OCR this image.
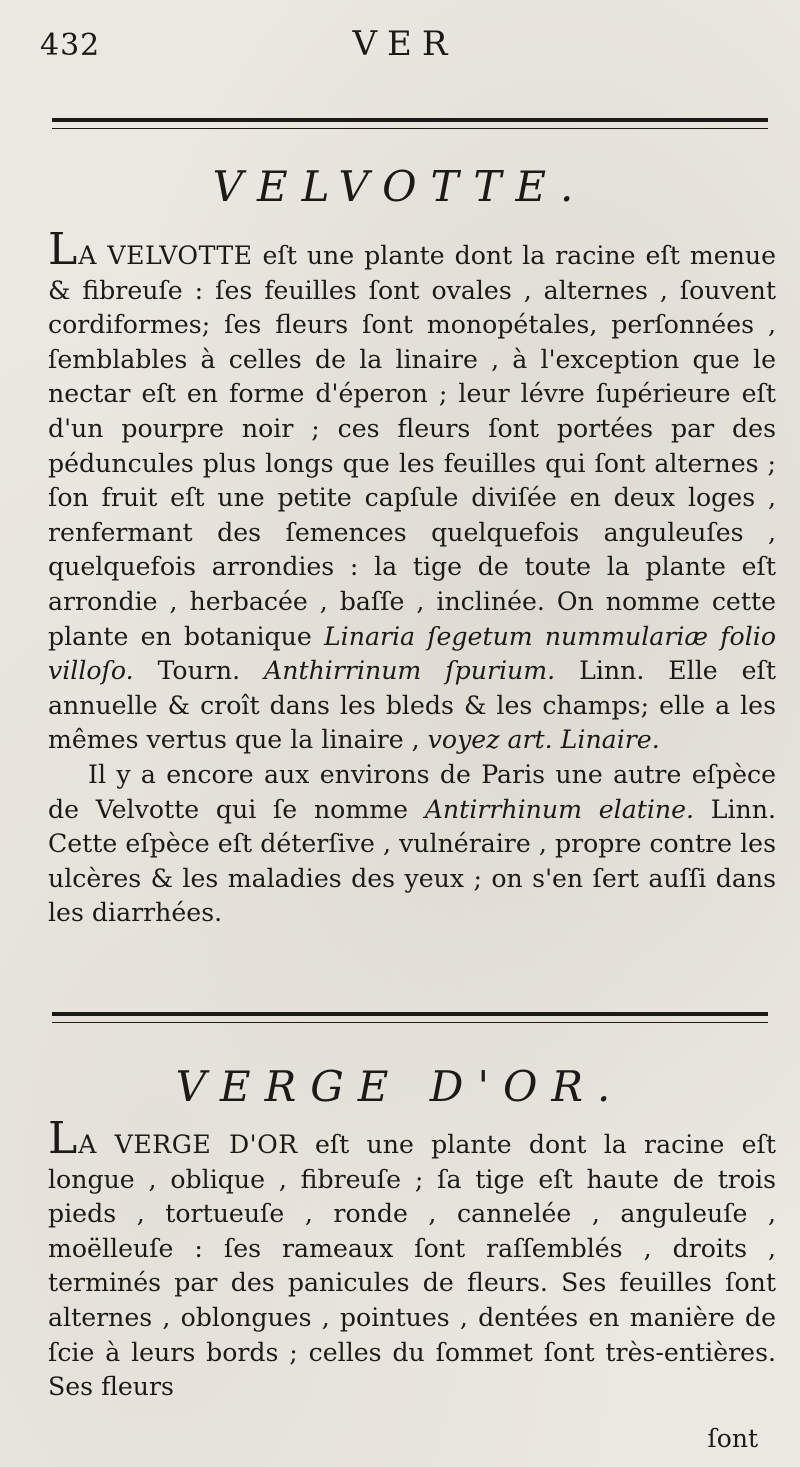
432	VER
VELVOTTE.

LA VELVOTTE eſt une plante dont la racine eſt menue & fibreuſe : ſes feuilles ſont ovales , alternes , ſouvent cordiformes; ſes fleurs ſont monopétales, perſonnées , ſemblables à celles de la linaire , à l'exception que le nectar eſt en forme d'éperon ; leur lévre ſupérieure eſt d'un pourpre noir ; ces fleurs ſont portées par des péduncules plus longs que les feuilles qui ſont alternes ; ſon fruit eſt une petite capſule diviſée en deux loges , renfermant des ſemences quelquefois anguleuſes , quelquefois arrondies : la tige de toute la plante eſt arrondie , herbacée , baſſe , inclinée. On nomme cette plante en botanique Linaria ſegetum nummulariæ folio villoſo. Tourn. Anthirrinum ſpurium. Linn. Elle eſt annuelle & croît dans les bleds & les champs; elle a les mêmes vertus que la linaire , voyez art. Linaire.

Il y a encore aux environs de Paris une autre eſpèce de Velvotte qui ſe nomme Antirrhinum elatine. Linn. Cette eſpèce eſt déterſive , vulnéraire , propre contre les ulcères & les maladies des yeux ; on s'en ſert auſſi dans les diarrhées.

VERGE D'OR.

LA VERGE D'OR eſt une plante dont la racine eſt longue , oblique , fibreuſe ; ſa tige eſt haute de trois pieds , tortueuſe , ronde , cannelée , anguleuſe , moëlleuſe : ſes rameaux ſont raſſemblés , droits , terminés par des panicules de fleurs. Ses feuilles ſont alternes , oblongues , pointues , dentées en manière de ſcie à leurs bords ; celles du ſommet ſont très-entières. Ses fleurs

ſont
